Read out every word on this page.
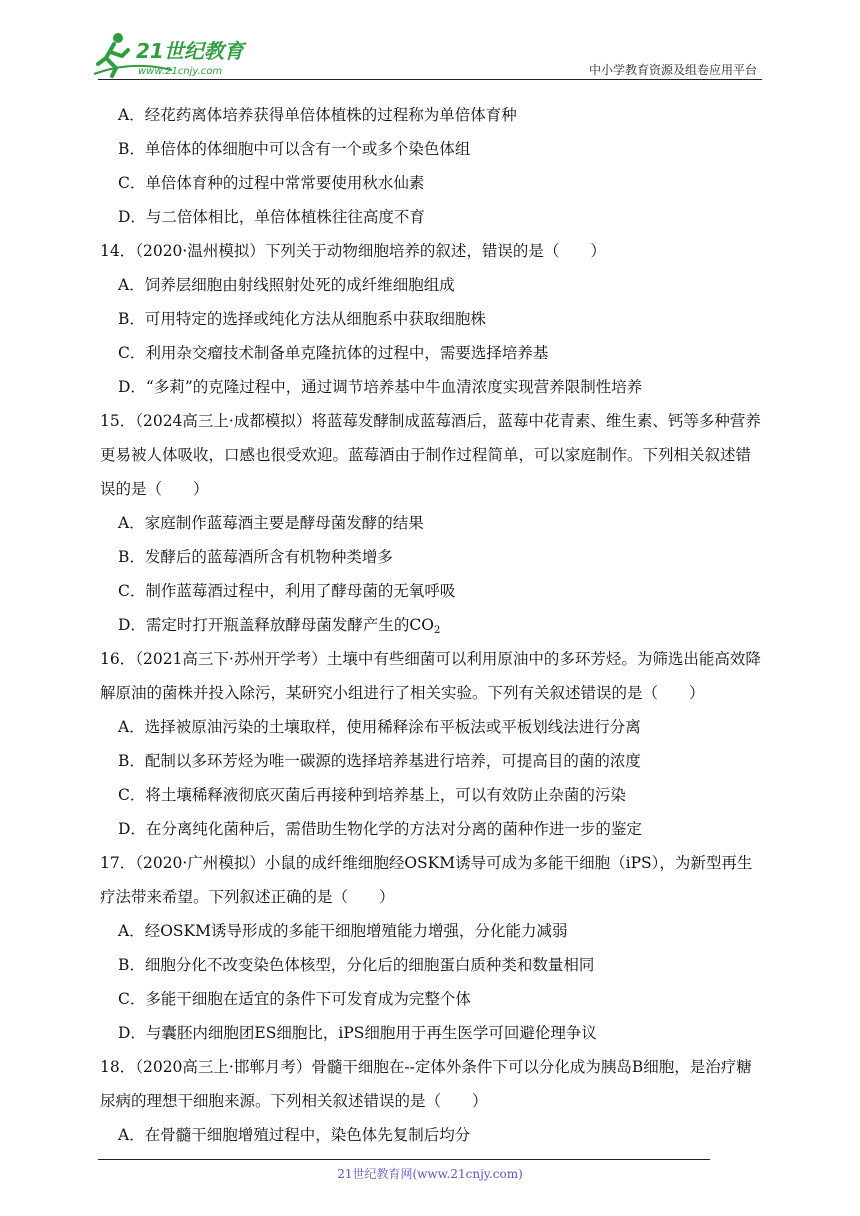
21世纪教育
www.21cnjy.com	中小学教育资源及组卷应用平台
A．经花药离体培养获得单倍体植株的过程称为单倍体育种
B．单倍体的体细胞中可以含有一个或多个染色体组
C．单倍体育种的过程中常常要使用秋水仙素
D．与二倍体相比，单倍体植株往往高度不育
14．（2020·温州模拟）下列关于动物细胞培养的叙述，错误的是（　　）
A．饲养层细胞由射线照射处死的成纤维细胞组成
B．可用特定的选择或纯化方法从细胞系中获取细胞株
C．利用杂交瘤技术制备单克隆抗体的过程中，需要选择培养基
D．“多莉”的克隆过程中，通过调节培养基中牛血清浓度实现营养限制性培养
15．（2024高三上·成都模拟）将蓝莓发酵制成蓝莓酒后，蓝莓中花青素、维生素、钙等多种营养
更易被人体吸收，口感也很受欢迎。蓝莓酒由于制作过程简单，可以家庭制作。下列相关叙述错
误的是（　　）
A．家庭制作蓝莓酒主要是酵母菌发酵的结果
B．发酵后的蓝莓酒所含有机物种类增多
C．制作蓝莓酒过程中，利用了酵母菌的无氧呼吸
D．需定时打开瓶盖释放酵母菌发酵产生的CO2
16．（2021高三下·苏州开学考）土壤中有些细菌可以利用原油中的多环芳烃。为筛选出能高效降
解原油的菌株并投入除污，某研究小组进行了相关实验。下列有关叙述错误的是（　　）
A．选择被原油污染的土壤取样，使用稀释涂布平板法或平板划线法进行分离
B．配制以多环芳烃为唯一碳源的选择培养基进行培养，可提高目的菌的浓度
C．将土壤稀释液彻底灭菌后再接种到培养基上，可以有效防止杂菌的污染
D．在分离纯化菌种后，需借助生物化学的方法对分离的菌种作进一步的鉴定
17．（2020·广州模拟）小鼠的成纤维细胞经OSKM诱导可成为多能干细胞（iPS），为新型再生
疗法带来希望。下列叙述正确的是（　　）
A．经OSKM诱导形成的多能干细胞增殖能力增强，分化能力减弱
B．细胞分化不改变染色体核型，分化后的细胞蛋白质种类和数量相同
C．多能干细胞在适宜的条件下可发育成为完整个体
D．与囊胚内细胞团ES细胞比，iPS细胞用于再生医学可回避伦理争议
18．（2020高三上·邯郸月考）骨髓干细胞在--定体外条件下可以分化成为胰岛B细胞，是治疗糖
尿病的理想干细胞来源。下列相关叙述错误的是（　　）
A．在骨髓干细胞增殖过程中，染色体先复制后均分
21世纪教育网(www.21cnjy.com)
